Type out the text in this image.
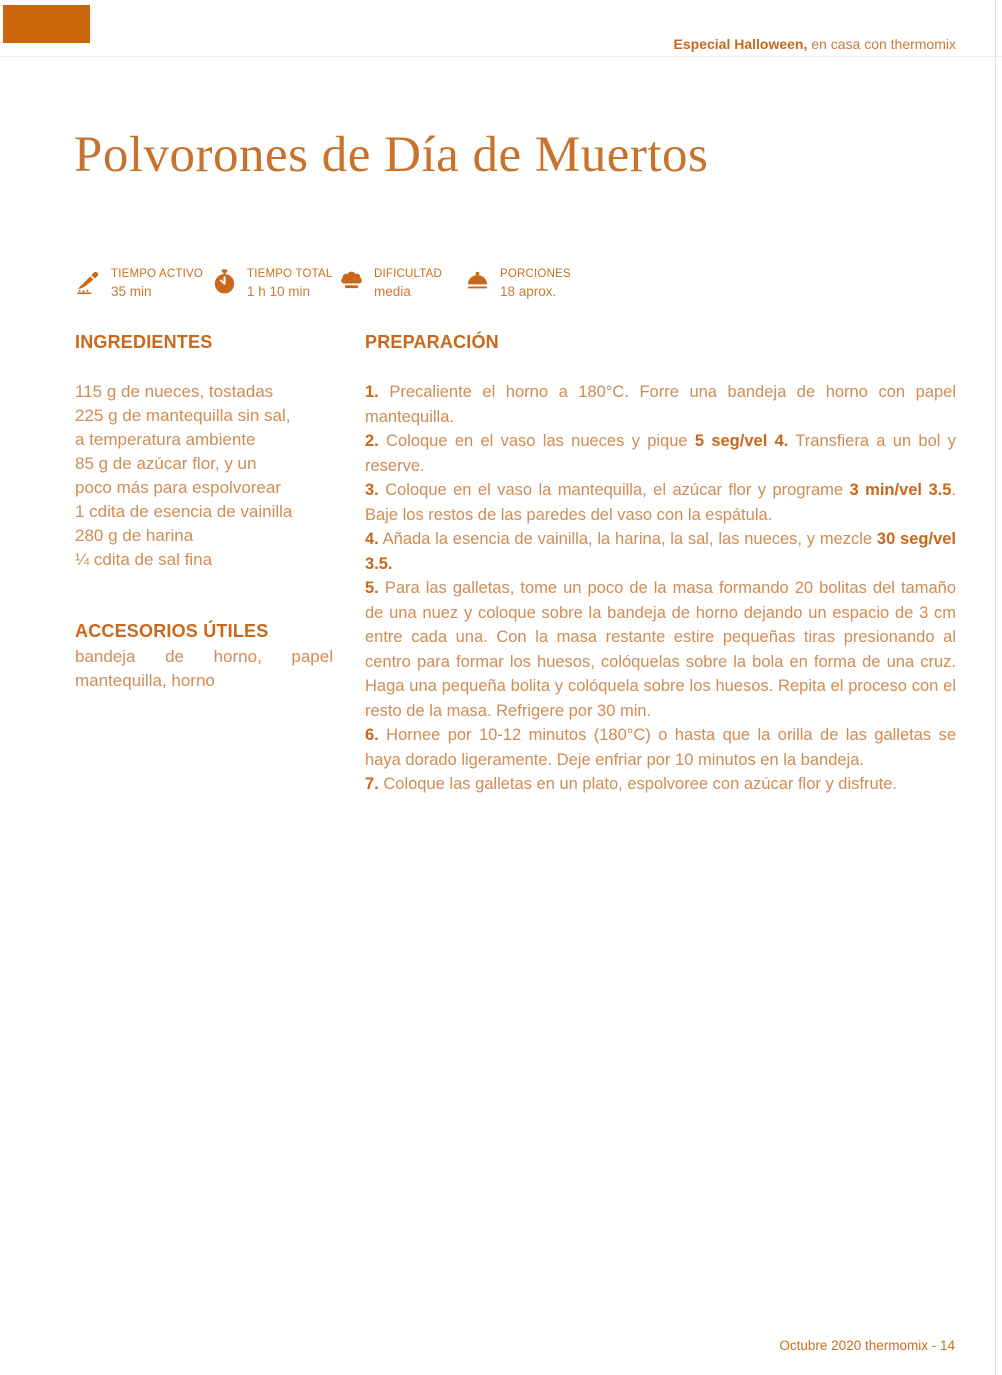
Especial Halloween, en casa con thermomix
Polvorones de Día de Muertos
TIEMPO ACTIVO
35 min
TIEMPO TOTAL
1 h 10 min
DIFICULTAD
media
PORCIONES
18 aprox.
INGREDIENTES
115 g de nueces, tostadas
225 g de mantequilla sin sal,
a temperatura ambiente
85 g de azúcar flor, y un
poco más para espolvorear
1 cdita de esencia de vainilla
280 g de harina
¼ cdita de sal fina
ACCESORIOS ÚTILES

bandeja de horno, papel mantequilla, horno

PREPARACIÓN

1. Precaliente el horno a 180°C. Forre una bandeja de horno con papel mantequilla.

2. Coloque en el vaso las nueces y pique 5 seg/vel 4. Transfiera a un bol y reserve.

3. Coloque en el vaso la mantequilla, el azúcar flor y programe 3 min/vel 3.5. Baje los restos de las paredes del vaso con la espátula.

4. Añada la esencia de vainilla, la harina, la sal, las nueces, y mezcle 30 seg/vel 3.5.

5. Para las galletas, tome un poco de la masa formando 20 bolitas del tamaño de una nuez y coloque sobre la bandeja de horno dejando un espacio de 3 cm entre cada una. Con la masa restante estire pequeñas tiras presionando al centro para formar los huesos, colóquelas sobre la bola en forma de una cruz. Haga una pequeña bolita y colóquela sobre los huesos. Repita el proceso con el resto de la masa. Refrigere por 30 min.

6. Hornee por 10-12 minutos (180°C) o hasta que la orilla de las galletas se haya dorado ligeramente. Deje enfriar por 10 minutos en la bandeja.

7. Coloque las galletas en un plato, espolvoree con azúcar flor y disfrute.

Octubre 2020 thermomix - 14
